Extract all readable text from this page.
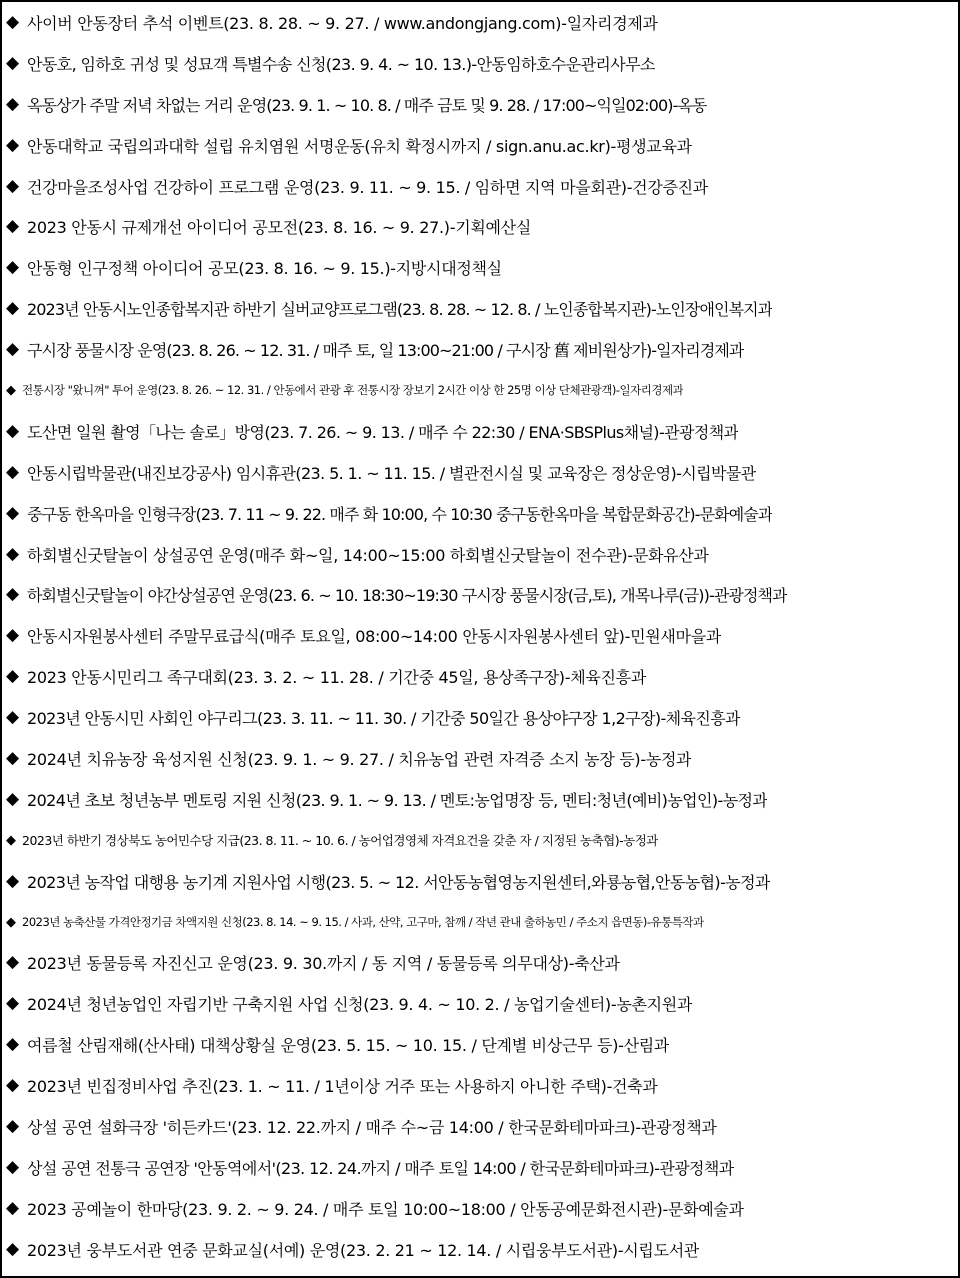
◆ 사이버 안동장터 추석 이벤트(23. 8. 28. ~ 9. 27. / www.andongjang.com)-일자리경제과
◆ 안동호, 임하호 귀성 및 성묘객 특별수송 신청(23. 9. 4. ~ 10. 13.)-안동임하호수운관리사무소
◆ 옥동상가 주말 저녁 차없는 거리 운영(23. 9. 1. ~ 10. 8. / 매주 금토 및 9. 28. / 17:00~익일02:00)-옥동
◆ 안동대학교 국립의과대학 설립 유치염원 서명운동(유치 확정시까지 / sign.anu.ac.kr)-평생교육과
◆ 건강마을조성사업 건강하이 프로그램 운영(23. 9. 11. ~ 9. 15. / 임하면 지역 마을회관)-건강증진과
◆ 2023 안동시 규제개선 아이디어 공모전(23. 8. 16. ~ 9. 27.)-기획예산실
◆ 안동형 인구정책 아이디어 공모(23. 8. 16. ~ 9. 15.)-지방시대정책실
◆ 2023년 안동시노인종합복지관 하반기 실버교양프로그램(23. 8. 28. ~ 12. 8. / 노인종합복지관)-노인장애인복지과
◆ 구시장 풍물시장 운영(23. 8. 26. ~ 12. 31. / 매주 토, 일 13:00~21:00 / 구시장 舊 제비원상가)-일자리경제과
◆ 전통시장 "왔니껴" 투어 운영(23. 8. 26. ~ 12. 31. / 안동에서 관광 후 전통시장 장보기 2시간 이상 한 25명 이상 단체관광객)-일자리경제과
◆ 도산면 일원 촬영「나는 솔로」방영(23. 7. 26. ~ 9. 13. / 매주 수 22:30 / ENA·SBSPlus채널)-관광정책과
◆ 안동시립박물관(내진보강공사) 임시휴관(23. 5. 1. ~ 11. 15. / 별관전시실 및 교육장은 정상운영)-시립박물관
◆ 중구동 한옥마을 인형극장(23. 7. 11 ~ 9. 22. 매주 화 10:00, 수 10:30 중구동한옥마을 복합문화공간)-문화예술과
◆ 하회별신굿탈놀이 상설공연 운영(매주 화~일, 14:00~15:00 하회별신굿탈놀이 전수관)-문화유산과
◆ 하회별신굿탈놀이 야간상설공연 운영(23. 6. ~ 10. 18:30~19:30 구시장 풍물시장(금,토), 개목나루(금))-관광정책과
◆ 안동시자원봉사센터 주말무료급식(매주 토요일, 08:00~14:00 안동시자원봉사센터 앞)-민원새마을과
◆ 2023 안동시민리그 족구대회(23. 3. 2. ~ 11. 28. / 기간중 45일, 용상족구장)-체육진흥과
◆ 2023년 안동시민 사회인 야구리그(23. 3. 11. ~ 11. 30. / 기간중 50일간 용상야구장 1,2구장)-체육진흥과
◆ 2024년 치유농장 육성지원 신청(23. 9. 1. ~ 9. 27. / 치유농업 관련 자격증 소지 농장 등)-농정과
◆ 2024년 초보 청년농부 멘토링 지원 신청(23. 9. 1. ~ 9. 13. / 멘토:농업명장 등, 멘티:청년(예비)농업인)-농정과
◆ 2023년 하반기 경상북도 농어민수당 지급(23. 8. 11. ~ 10. 6. / 농어업경영체 자격요건을 갖춘 자 / 지정된 농축협)-농정과
◆ 2023년 농작업 대행용 농기계 지원사업 시행(23. 5. ~ 12. 서안동농협영농지원센터,와룡농협,안동농협)-농정과
◆ 2023년 농축산물 가격안정기금 차액지원 신청(23. 8. 14. ~ 9. 15. / 사과, 산약, 고구마, 참깨 / 작년 관내 출하농민 / 주소지 읍면동)-유통특작과
◆ 2023년 동물등록 자진신고 운영(23. 9. 30.까지 / 동 지역 / 동물등록 의무대상)-축산과
◆ 2024년 청년농업인 자립기반 구축지원 사업 신청(23. 9. 4. ~ 10. 2. / 농업기술센터)-농촌지원과
◆ 여름철 산림재해(산사태) 대책상황실 운영(23. 5. 15. ~ 10. 15. / 단계별 비상근무 등)-산림과
◆ 2023년 빈집정비사업 추진(23. 1. ~ 11. / 1년이상 거주 또는 사용하지 아니한 주택)-건축과
◆ 상설 공연 설화극장 '히든카드'(23. 12. 22.까지 / 매주 수~금 14:00 / 한국문화테마파크)-관광정책과
◆ 상설 공연 전통극 공연장 '안동역에서'(23. 12. 24.까지 / 매주 토일 14:00 / 한국문화테마파크)-관광정책과
◆ 2023 공예놀이 한마당(23. 9. 2. ~ 9. 24. / 매주 토일 10:00~18:00 / 안동공예문화전시관)-문화예술과
◆ 2023년 웅부도서관 연중 문화교실(서예) 운영(23. 2. 21 ~ 12. 14. / 시립웅부도서관)-시립도서관
